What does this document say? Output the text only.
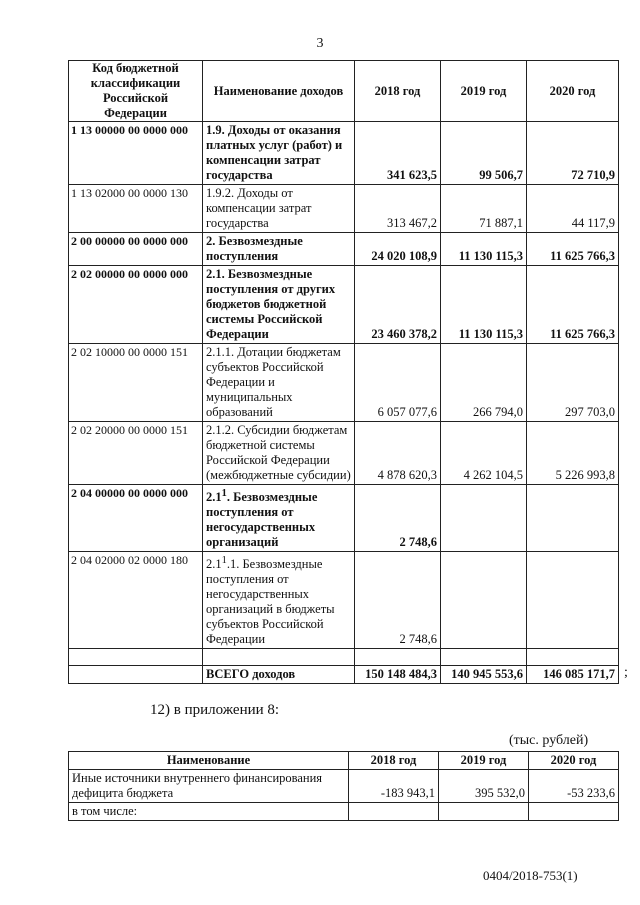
3
Код бюджетной классификации Российской Федерации	Наименование доходов	2018 год	2019 год	2020 год
1 13 00000 00 0000 000	1.9. Доходы от оказания платных услуг (работ) и компенсации затрат государства	341 623,5	99 506,7	72 710,9
1 13 02000 00 0000 130	1.9.2. Доходы от компенсации затрат государства	313 467,2	71 887,1	44 117,9
2 00 00000 00 0000 000	2. Безвозмездные поступления	24 020 108,9	11 130 115,3	11 625 766,3
2 02 00000 00 0000 000	2.1. Безвозмездные поступления от других бюджетов бюджетной системы Российской Федерации	23 460 378,2	11 130 115,3	11 625 766,3
2 02 10000 00 0000 151	2.1.1. Дотации бюджетам субъектов Российской Федерации и муниципальных образований	6 057 077,6	266 794,0	297 703,0
2 02 20000 00 0000 151	2.1.2. Субсидии бюджетам бюджетной системы Российской Федерации (межбюджетные субсидии)	4 878 620,3	4 262 104,5	5 226 993,8
2 04 00000 00 0000 000	$2.1^1$. Безвозмездные поступления от негосударственных организаций	2 748,6		
2 04 02000 02 0000 180	$2.1^1.1$. Безвозмездные поступления от негосударственных организаций в бюджеты субъектов Российской Федерации	2 748,6		

	ВСЕГО доходов	150 148 484,3	140 945 553,6	146 085 171,7 ;
12) в приложении 8:
(тыс. рублей)
Наименование	2018 год	2019 год	2020 год
Иные источники внутреннего финансирования дефицита бюджета	-183 943,1	395 532,0	-53 233,6
в том числе:			
0404/2018-753(1)
